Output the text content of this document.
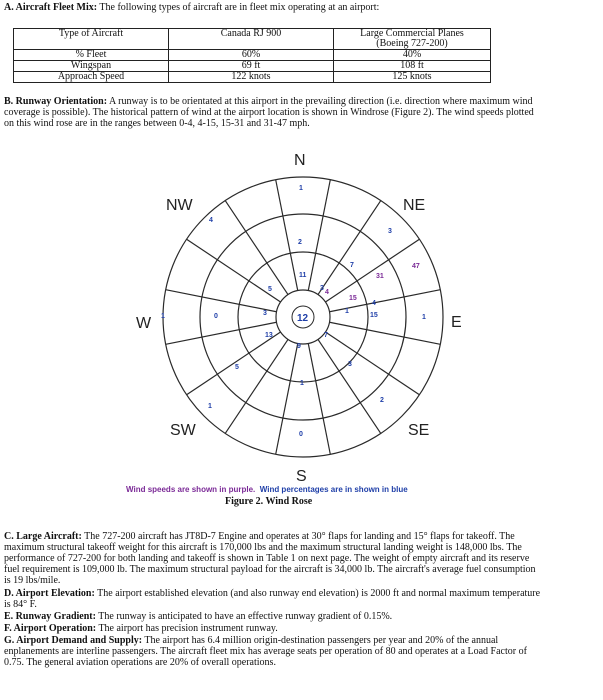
A. Aircraft Fleet Mix: The following types of aircraft are in fleet mix operating at an airport:
Type of Aircraft	Canada RJ 900	Large Commercial Planes
(Boeing 727-200)

% Fleet	60%	40%
Wingspan	69 ft	108 ft
Approach Speed	122 knots	125 knots
B. Runway Orientation: A runway is to be orientated at this airport in the prevailing direction (i.e. direction where maximum wind
coverage is possible). The historical pattern of wind at the airport location is shown in Windrose (Figure 2). The wind speeds plotted
on this wind rose are in the ranges between 0-4, 4-15, 15-31 and 31-47 mph.
N
NE
E
SE
S
SW
W
NW
4
15
31
47
12
1
4
2
3
7
11
3
5
3	1
4
15	1
0
1
13
9
7
5
1
3
2
1
0
Wind speeds are shown in purple. Wind percentages are in shown in blue
Figure 2. Wind Rose
C. Large Aircraft: The 727-200 aircraft has JT8D-7 Engine and operates at 30° flaps for landing and 15° flaps for takeoff. The
maximum structural takeoff weight for this aircraft is 170,000 lbs and the maximum structural landing weight is 148,000 lbs. The
performance of 727-200 for both landing and takeoff is shown in Table 1 on next page. The weight of empty aircraft and its reserve
fuel requirement is 109,000 lb. The maximum structural payload for the aircraft is 34,000 lb. The aircraft's average fuel consumption
is 19 lbs/mile.
D. Airport Elevation: The airport established elevation (and also runway end elevation) is 2000 ft and normal maximum temperature
is 84° F.
E. Runway Gradient: The runway is anticipated to have an effective runway gradient of 0.15%.
F. Airport Operation: The airport has precision instrument runway.
G. Airport Demand and Supply: The airport has 6.4 million origin-destination passengers per year and 20% of the annual
enplanements are interline passengers. The aircraft fleet mix has average seats per operation of 80 and operates at a Load Factor of
0.75. The general aviation operations are 20% of overall operations.
